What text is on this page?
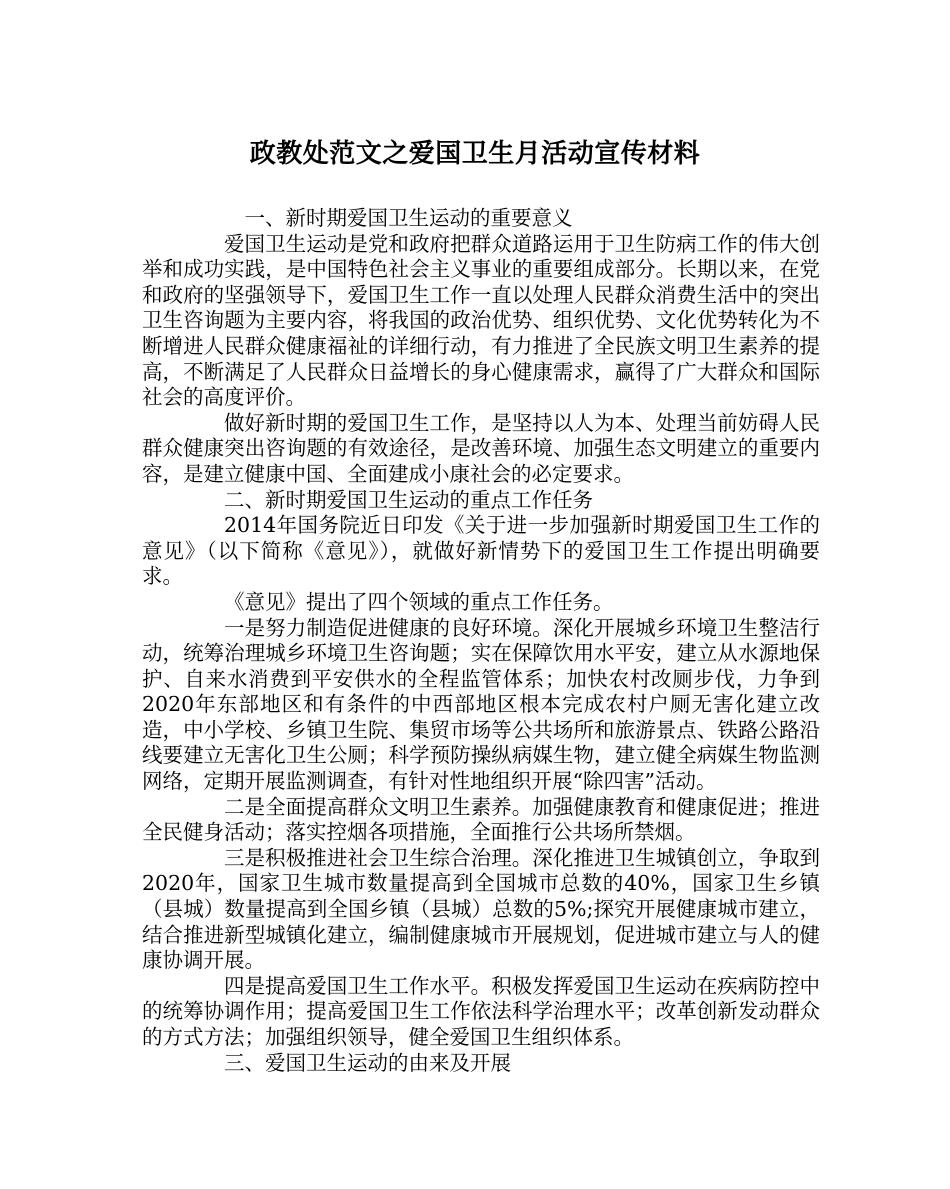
政教处范文之爱国卫生月活动宣传材料

一、新时期爱国卫生运动的重要意义

爱国卫生运动是党和政府把群众道路运用于卫生防病工作的伟大创举和成功实践，是中国特色社会主义事业的重要组成部分。长期以来，在党和政府的坚强领导下，爱国卫生工作一直以处理人民群众消费生活中的突出卫生咨询题为主要内容，将我国的政治优势、组织优势、文化优势转化为不断增进人民群众健康福祉的详细行动，有力推进了全民族文明卫生素养的提高，不断满足了人民群众日益增长的身心健康需求，赢得了广大群众和国际社会的高度评价。

做好新时期的爱国卫生工作，是坚持以人为本、处理当前妨碍人民群众健康突出咨询题的有效途径，是改善环境、加强生态文明建立的重要内容，是建立健康中国、全面建成小康社会的必定要求。

二、新时期爱国卫生运动的重点工作任务

2014年国务院近日印发《关于进一步加强新时期爱国卫生工作的意见》（以下简称《意见》），就做好新情势下的爱国卫生工作提出明确要求。

《意见》提出了四个领域的重点工作任务。

一是努力制造促进健康的良好环境。深化开展城乡环境卫生整洁行动，统筹治理城乡环境卫生咨询题；实在保障饮用水平安，建立从水源地保护、自来水消费到平安供水的全程监管体系；加快农村改厕步伐，力争到2020年东部地区和有条件的中西部地区根本完成农村户厕无害化建立改造，中小学校、乡镇卫生院、集贸市场等公共场所和旅游景点、铁路公路沿线要建立无害化卫生公厕；科学预防操纵病媒生物，建立健全病媒生物监测网络，定期开展监测调查，有针对性地组织开展“除四害”活动。

二是全面提高群众文明卫生素养。加强健康教育和健康促进；推进全民健身活动；落实控烟各项措施，全面推行公共场所禁烟。

三是积极推进社会卫生综合治理。深化推进卫生城镇创立，争取到2020年，国家卫生城市数量提高到全国城市总数的40%，国家卫生乡镇（县城）数量提高到全国乡镇（县城）总数的5%;探究开展健康城市建立，结合推进新型城镇化建立，编制健康城市开展规划，促进城市建立与人的健康协调开展。

四是提高爱国卫生工作水平。积极发挥爱国卫生运动在疾病防控中的统筹协调作用；提高爱国卫生工作依法科学治理水平；改革创新发动群众的方式方法；加强组织领导，健全爱国卫生组织体系。

三、爱国卫生运动的由来及开展
